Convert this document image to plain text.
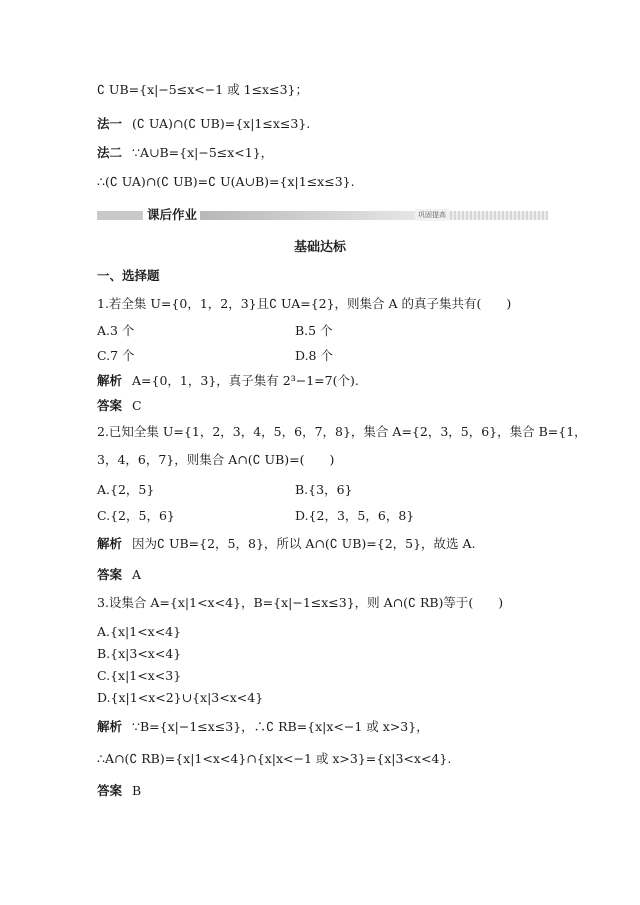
∁ UB={x|−5≤x<−1 或 1≤x≤3}；
法一 (∁ UA)∩(∁ UB)={x|1≤x≤3}.
法二 ∵A∪B={x|−5≤x<1}，
∴(∁ UA)∩(∁ UB)=∁ U(A∪B)={x|1≤x≤3}.
课后作业	巩固提高
基础达标
一、选择题
1.若全集 U={0，1，2，3}且∁ UA={2}，则集合 A 的真子集共有(　　)
A.3 个	B.5 个
C.7 个	D.8 个
解析 A={0，1，3}，真子集有 2³−1=7(个).
答案 C
2.已知全集 U={1，2，3，4，5，6，7，8}，集合 A={2，3，5，6}，集合 B={1，
3，4，6，7}，则集合 A∩(∁ UB)=(　　)
A.{2，5}	B.{3，6}
C.{2，5，6}	D.{2，3，5，6，8}
解析 因为∁ UB={2，5，8}，所以 A∩(∁ UB)={2，5}，故选 A.
答案 A
3.设集合 A={x|1<x<4}，B={x|−1≤x≤3}，则 A∩(∁ RB)等于(　　)
A.{x|1<x<4}
B.{x|3<x<4}
C.{x|1<x<3}
D.{x|1<x<2}∪{x|3<x<4}
解析 ∵B={x|−1≤x≤3}，∴∁ RB={x|x<−1 或 x>3}，
∴A∩(∁ RB)={x|1<x<4}∩{x|x<−1 或 x>3}={x|3<x<4}.
答案 B
